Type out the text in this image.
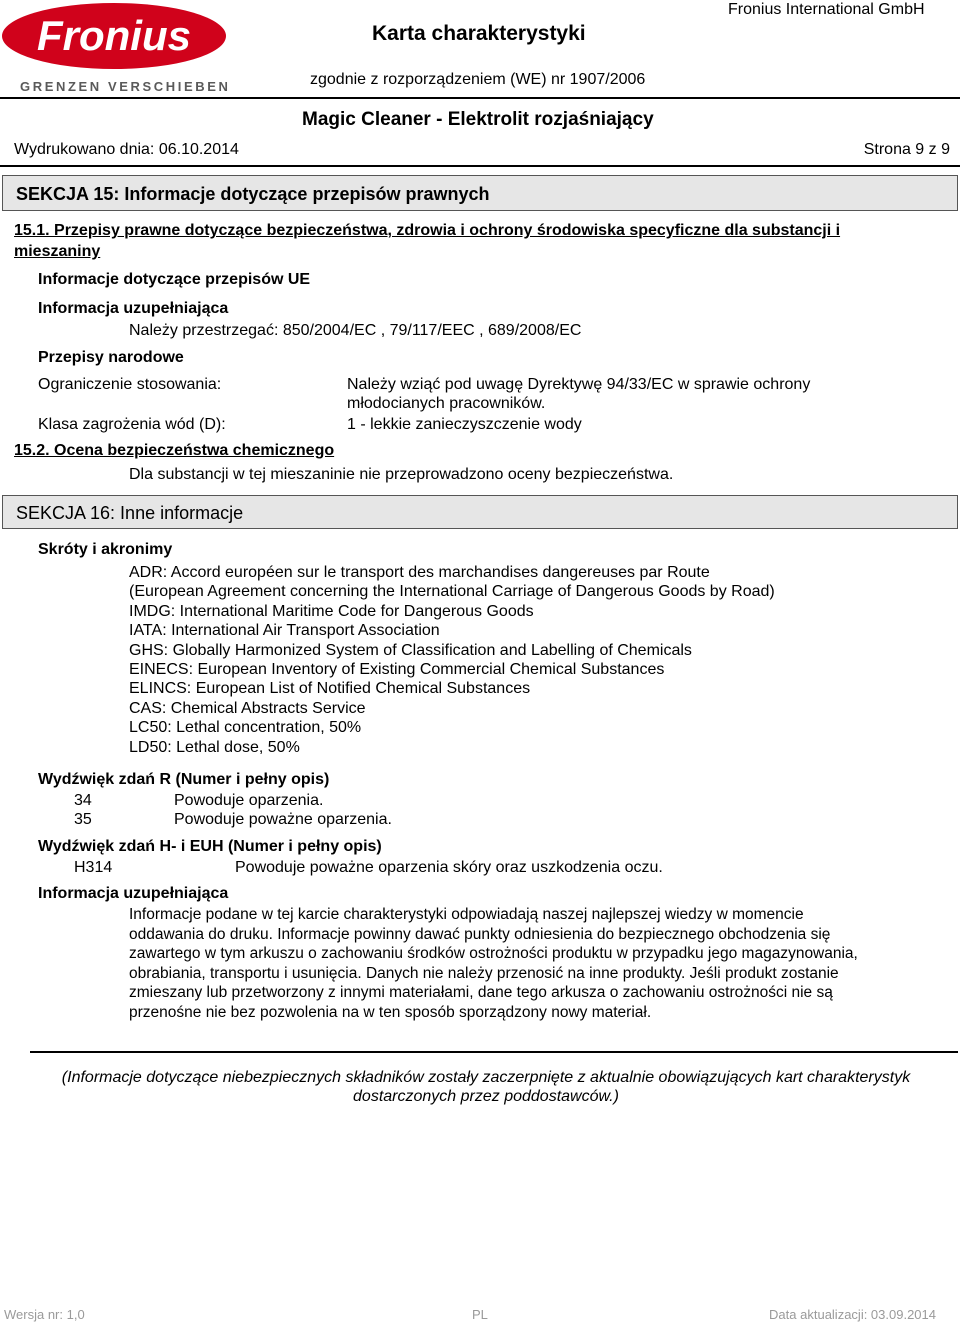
Fronius
GRENZEN VERSCHIEBEN
Karta charakterystyki
Fronius International GmbH
zgodnie z rozporządzeniem (WE) nr 1907/2006
Magic Cleaner - Elektrolit rozjaśniający
Wydrukowano dnia: 06.10.2014	Strona 9 z 9
SEKCJA 15: Informacje dotyczące przepisów prawnych
15.1. Przepisy prawne dotyczące bezpieczeństwa, zdrowia i ochrony środowiska specyficzne dla substancji i
mieszaniny
Informacje dotyczące przepisów UE
Informacja uzupełniająca
Należy przestrzegać: 850/2004/EC , 79/117/EEC , 689/2008/EC
Przepisy narodowe
Ograniczenie stosowania:	Należy wziąć pod uwagę Dyrektywę 94/33/EC w sprawie ochrony
młodocianych pracowników.
Klasa zagrożenia wód (D):	1 - lekkie zanieczyszczenie wody
15.2. Ocena bezpieczeństwa chemicznego
Dla substancji w tej mieszaninie nie przeprowadzono oceny bezpieczeństwa.
SEKCJA 16: Inne informacje
Skróty i akronimy
ADR: Accord européen sur le transport des marchandises dangereuses par Route
(European Agreement concerning the International Carriage of Dangerous Goods by Road)
IMDG: International Maritime Code for Dangerous Goods
IATA: International Air Transport Association
GHS: Globally Harmonized System of Classification and Labelling of Chemicals
EINECS: European Inventory of Existing Commercial Chemical Substances
ELINCS: European List of Notified Chemical Substances
CAS: Chemical Abstracts Service
LC50: Lethal concentration, 50%
LD50: Lethal dose, 50%
Wydźwięk zdań R (Numer i pełny opis)
34	Powoduje oparzenia.
35	Powoduje poważne oparzenia.
Wydźwięk zdań H- i EUH (Numer i pełny opis)
H314	Powoduje poważne oparzenia skóry oraz uszkodzenia oczu.
Informacja uzupełniająca
Informacje podane w tej karcie charakterystyki odpowiadają naszej najlepszej wiedzy w momencie
oddawania do druku. Informacje powinny dawać punkty odniesienia do bezpiecznego obchodzenia się
zawartego w tym arkuszu o zachowaniu środków ostrożności produktu w przypadku jego magazynowania,
obrabiania, transportu i usunięcia. Danych nie należy przenosić na inne produkty. Jeśli produkt zostanie
zmieszany lub przetworzony z innymi materiałami, dane tego arkusza o zachowaniu ostrożności nie są
przenośne nie bez pozwolenia na w ten sposób sporządzony nowy materiał.
(Informacje dotyczące niebezpiecznych składników zostały zaczerpnięte z aktualnie obowiązujących kart charakterystyk
dostarczonych przez poddostawców.)
Wersja nr: 1,0	PL	Data aktualizacji: 03.09.2014
